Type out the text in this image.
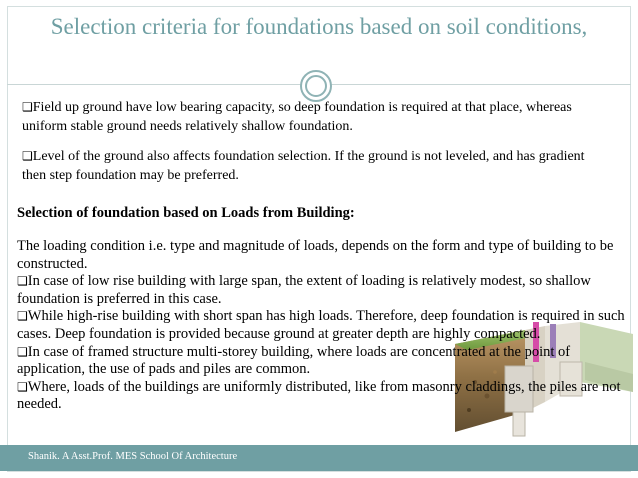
Selection criteria for foundations based on soil conditions,

❑Field up ground have low bearing capacity, so deep foundation is required at that place, whereas uniform stable ground needs relatively shallow foundation.

❑Level of the ground also affects foundation selection. If the ground is not leveled, and has gradient then step foundation may be preferred.

Selection of foundation based on Loads from Building:

The loading condition i.e. type and magnitude of loads, depends on the form and type of building to be constructed.

❑In case of low rise building with large span, the extent of loading is relatively modest, so shallow foundation is preferred in this case.

❑While high-rise building with short span has high loads. Therefore, deep foundation is required in such cases. Deep foundation is provided because ground at greater depth are highly compacted.

❑In case of framed structure multi-storey building, where loads are concentrated at the point of application, the use of pads and piles are common.

❑Where, loads of the buildings are uniformly distributed, like from masonry claddings, the piles are not needed.

Shanik. A Asst.Prof. MES School Of Architecture
